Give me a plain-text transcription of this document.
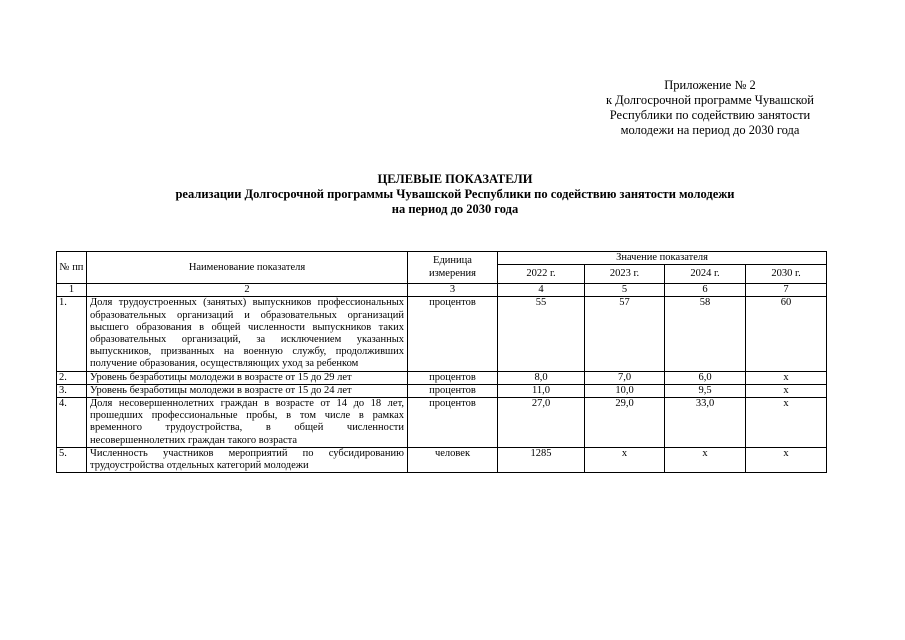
Приложение № 2
к Долгосрочной программе Чувашской
Республики по содействию занятости
молодежи на период до 2030 года
ЦЕЛЕВЫЕ ПОКАЗАТЕЛИ
реализации Долгосрочной программы Чувашской Республики по содействию занятости молодежи
на период до 2030 года
№ пп	Наименование показателя	Единица измерения	Значение показателя			
			2022 г.	2023 г.	2024 г.	2030 г.
1	2	3	4	5	6	7
1.	Доля трудоустроенных (занятых) выпускников профессиональных образовательных организаций и образовательных организаций высшего образования в общей численности выпускников таких образовательных организаций, за исключением указанных выпускников, призванных на военную службу, продолживших получение образования, осуществляющих уход за ребенком	процентов	55	57	58	60
2.	Уровень безработицы молодежи в возрасте от 15 до 29 лет	процентов	8,0	7,0	6,0	х
3.	Уровень безработицы молодежи в возрасте от 15 до 24 лет	процентов	11,0	10,0	9,5	х
4.	Доля несовершеннолетних граждан в возрасте от 14 до 18 лет, прошедших профессиональные пробы, в том числе в рамках временного трудоустройства, в общей численности несовершеннолетних граждан такого возраста	процентов	27,0	29,0	33,0	х
5.	Численность участников мероприятий по субсидированию трудоустройства отдельных категорий молодежи	человек	1285	х	х	х
